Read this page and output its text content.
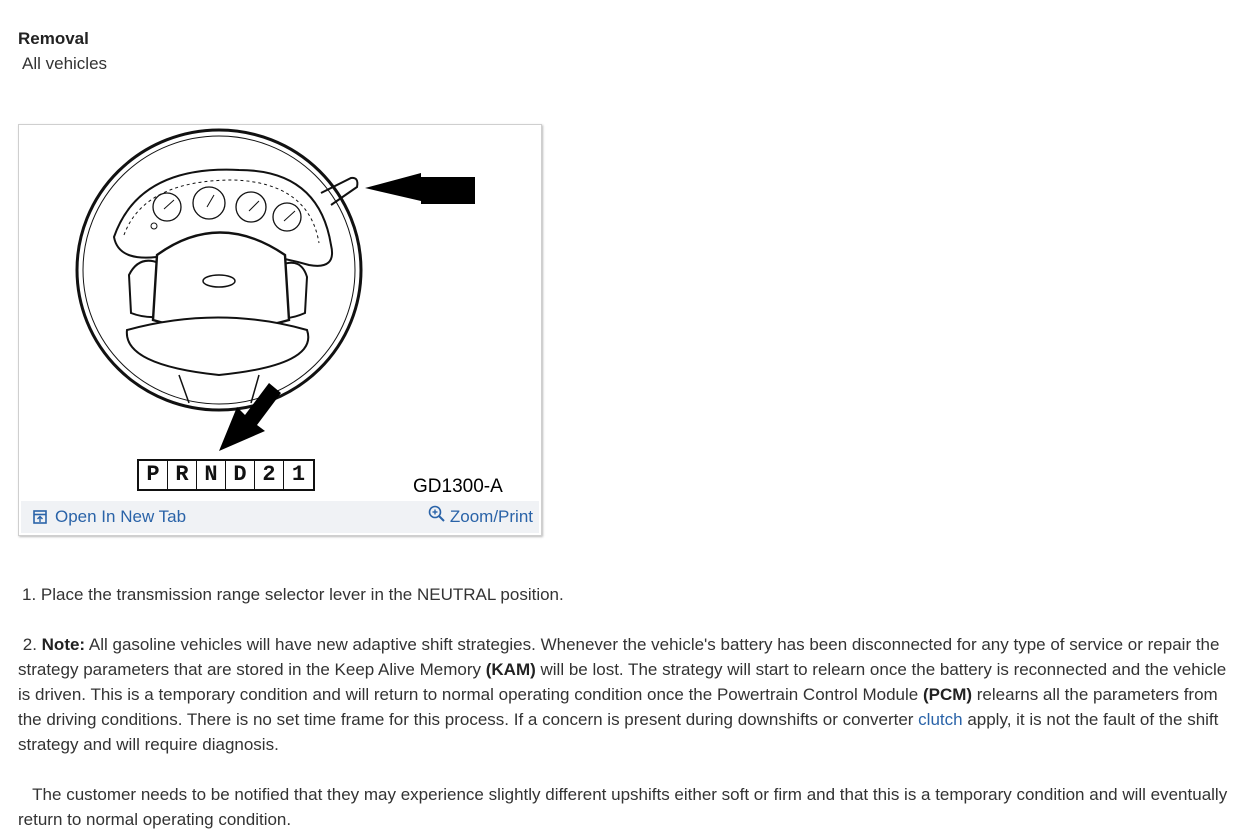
Removal
All vehicles
P R N D 2 1	GD1300-A
Open In New Tab	Zoom/Print

1. Place the transmission range selector lever in the NEUTRAL position.

2. Note: All gasoline vehicles will have new adaptive shift strategies. Whenever the vehicle's battery has been disconnected for any type of service or repair the strategy parameters that are stored in the Keep Alive Memory (KAM) will be lost. The strategy will start to relearn once the battery is reconnected and the vehicle is driven. This is a temporary condition and will return to normal operating condition once the Powertrain Control Module (PCM) relearns all the parameters from the driving conditions. There is no set time frame for this process. If a concern is present during downshifts or converter clutch apply, it is not the fault of the shift strategy and will require diagnosis.

The customer needs to be notified that they may experience slightly different upshifts either soft or firm and that this is a temporary condition and will eventually return to normal operating condition.
